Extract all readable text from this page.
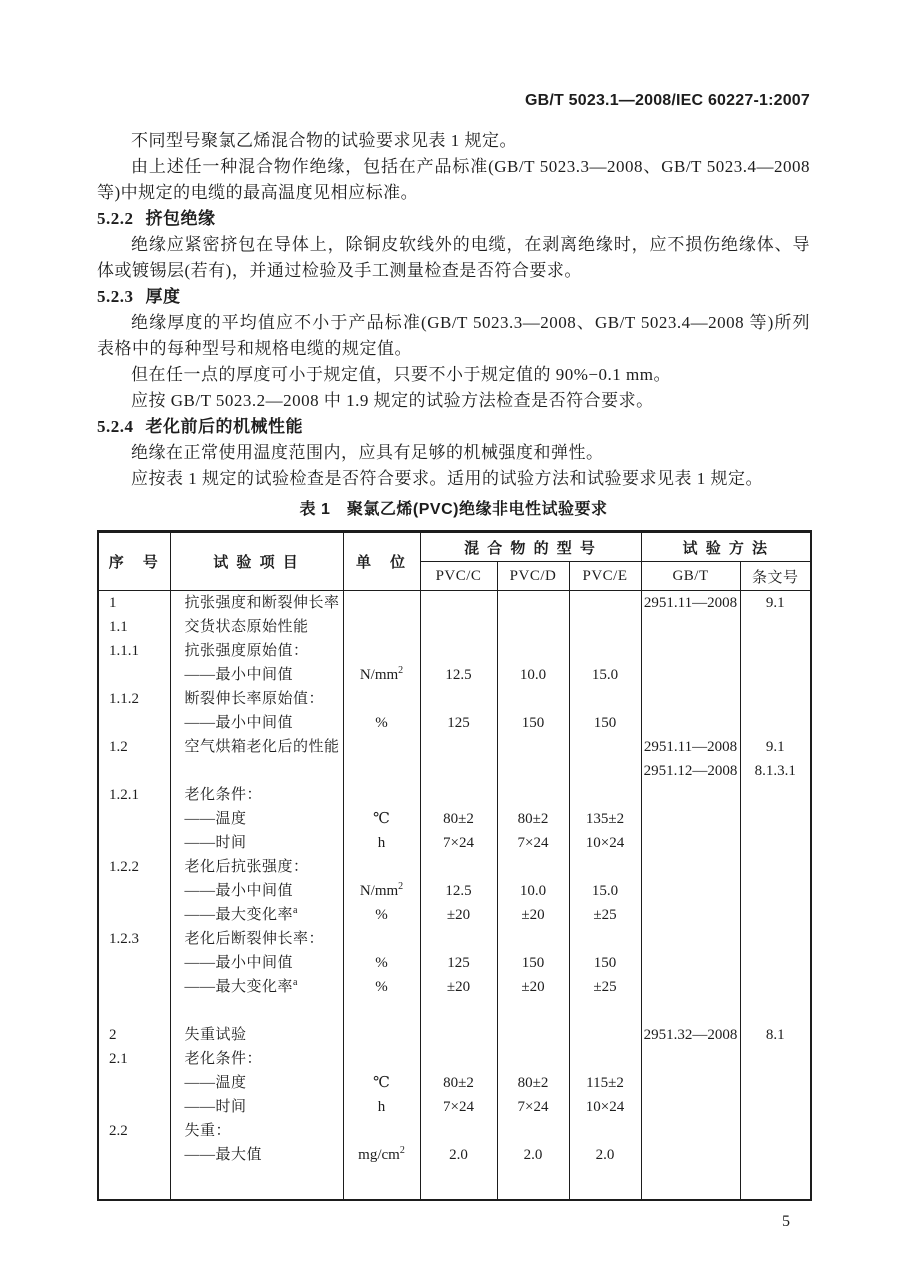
GB/T 5023.1—2008/IEC 60227-1:2007

不同型号聚氯乙烯混合物的试验要求见表 1 规定。

由上述任一种混合物作绝缘，包括在产品标准(GB/T 5023.3—2008、GB/T 5023.4—2008 等)中规定的电缆的最高温度见相应标准。

5.2.2 挤包绝缘

绝缘应紧密挤包在导体上，除铜皮软线外的电缆，在剥离绝缘时，应不损伤绝缘体、导体或镀锡层(若有)，并通过检验及手工测量检查是否符合要求。

5.2.3 厚度

绝缘厚度的平均值应不小于产品标准(GB/T 5023.3—2008、GB/T 5023.4—2008 等)所列表格中的每种型号和规格电缆的规定值。

但在任一点的厚度可小于规定值，只要不小于规定值的 90%−0.1 mm。

应按 GB/T 5023.2—2008 中 1.9 规定的试验方法检查是否符合要求。

5.2.4 老化前后的机械性能

绝缘在正常使用温度范围内，应具有足够的机械强度和弹性。

应按表 1 规定的试验检查是否符合要求。适用的试验方法和试验要求见表 1 规定。

表 1　聚氯乙烯(PVC)绝缘非电性试验要求
序　号	试 验 项 目	单　位	混 合 物 的 型 号			试 验 方 法	
			PVC/C	PVC/D	PVC/E	GB/T	条文号
1	抗张强度和断裂伸长率					2951.11—2008	9.1
1.1	交货状态原始性能						
1.1.1	抗张强度原始值：						
	——最小中间值	$N/mm^2$	12.5	10.0	15.0		
1.1.2	断裂伸长率原始值：						
	——最小中间值	%	125	150	150		
1.2	空气烘箱老化后的性能					2951.11—2008	9.1
						2951.12—2008	8.1.3.1
1.2.1	老化条件：						
	——温度	℃	80±2	80±2	135±2		
	——时间	h	7×24	7×24	10×24		
1.2.2	老化后抗张强度：						
	——最小中间值	$N/mm^2$	12.5	10.0	15.0		
	——最大变化率$^a$	%	±20	±20	±25		
1.2.3	老化后断裂伸长率：						
	——最小中间值	%	125	150	150		
	——最大变化率$^a$	%	±20	±20	±25		

2	失重试验					2951.32—2008	8.1
2.1	老化条件：						
	——温度	℃	80±2	80±2	115±2		
	——时间	h	7×24	7×24	10×24		
2.2	失重：						
	——最大值	$mg/cm^2$	2.0	2.0	2.0		

5
